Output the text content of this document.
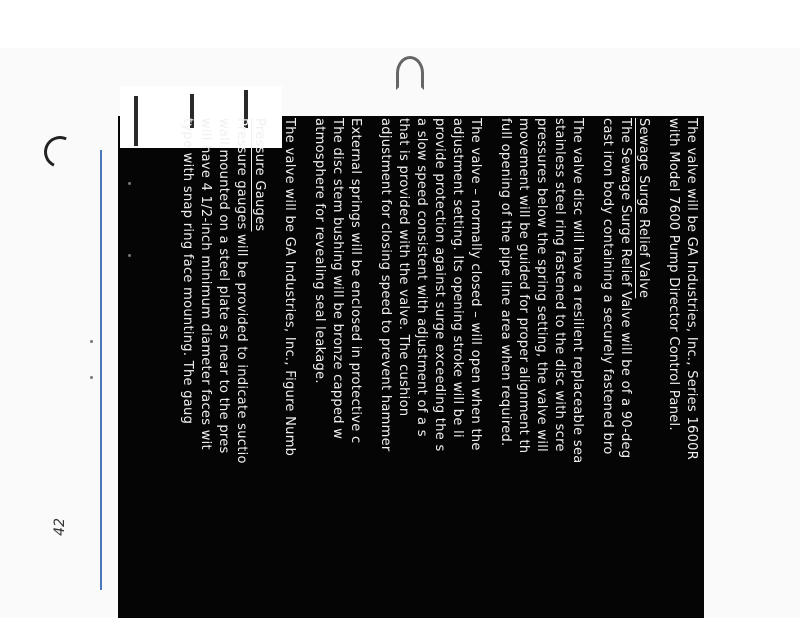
The valve will be GA Industries, Inc., Series 1600R
with Model 7600 Pump Director Control Panel.
Sewage Surge Relief Valve
The Sewage Surge Relief Valve will be of a 90-deg
cast iron body containing a securely fastened bro
The valve disc will have a resilient replaceable sea
stainless steel ring fastened to the disc with scre
pressures below the spring setting, the valve will
movement will be guided for proper alignment th
full opening of the pipe line area when required.
The valve – normally closed – will open when the
adjustment setting. Its opening stroke will be li
provide protection against surge exceeding the s
a slow speed consistent with adjustment of a s
that is provided with the valve. The cushion
adjustment for closing speed to prevent hammer
External springs will be enclosed in protective c
The disc stem bushing will be bronze capped w
atmosphere for revealing seal leakage.
The valve will be GA Industries, Inc., Figure Numb
Pressure Gauges
Pressure gauges will be provided to indicate suctio
wall mounted on a steel plate as near to the pres
will have 4 1/2-inch minimum diameter faces wit
type with snap ring face mounting. The gaug
42
